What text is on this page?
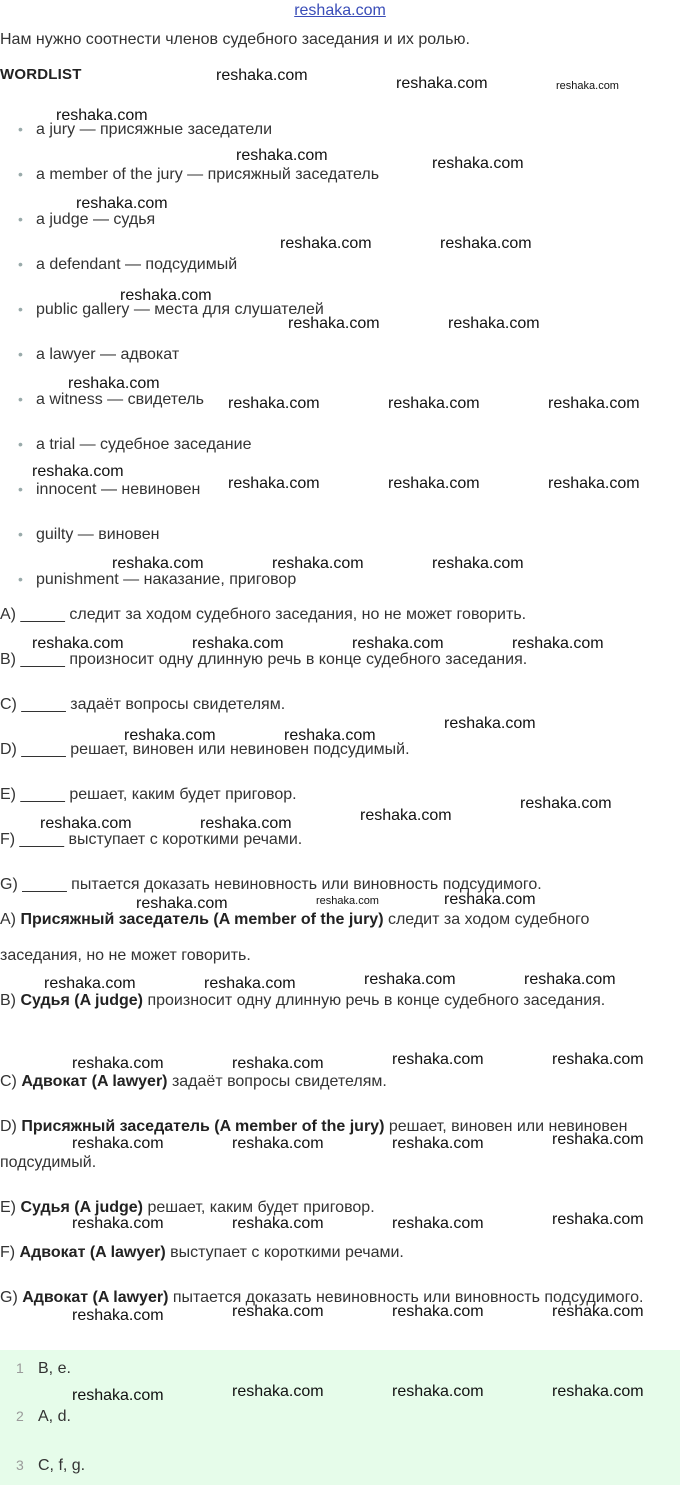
reshaka.com
Нам нужно соотнести членов судебного заседания и их ролью.
WORDLIST
• a jury — присяжные заседатели
• a member of the jury — присяжный заседатель
• a judge — судья
• a defendant — подсудимый
• public gallery — места для слушателей
• a lawyer — адвокат
• a witness — свидетель
• a trial — судебное заседание
• innocent — невиновен
• guilty — виновен
• punishment — наказание, приговор
A) _____ следит за ходом судебного заседания, но не может говорить.
B) _____ произносит одну длинную речь в конце судебного заседания.
C) _____ задаёт вопросы свидетелям.
D) _____ решает, виновен или невиновен подсудимый.
E) _____ решает, каким будет приговор.
F) _____ выступает с короткими речами.
G) _____ пытается доказать невиновность или виновность подсудимого.
A) Присяжный заседатель (A member of the jury) следит за ходом судебного заседания, но не может говорить.
B) Судья (A judge) произносит одну длинную речь в конце судебного заседания.
C) Адвокат (A lawyer) задаёт вопросы свидетелям.
D) Присяжный заседатель (A member of the jury) решает, виновен или невиновен подсудимый.
E) Судья (A judge) решает, каким будет приговор.
F) Адвокат (A lawyer) выступает с короткими речами.
G) Адвокат (A lawyer) пытается доказать невиновность или виновность подсудимого.
1 B, e.
2 A, d.
3 C, f, g.
reshaka.com	reshaka.com	reshaka.com
reshaka.com
reshaka.com	reshaka.com
reshaka.com
reshaka.com	reshaka.com
reshaka.com
reshaka.com	reshaka.com
reshaka.com
reshaka.com	reshaka.com	reshaka.com
reshaka.com
reshaka.com	reshaka.com	reshaka.com
reshaka.com	reshaka.com	reshaka.com
reshaka.com	reshaka.com	reshaka.com	reshaka.com
reshaka.com
reshaka.com	reshaka.com
reshaka.com
reshaka.com
reshaka.com	reshaka.com
reshaka.com
reshaka.com	reshaka.com
reshaka.com	reshaka.com
reshaka.com	reshaka.com
reshaka.com	reshaka.com
reshaka.com	reshaka.com
reshaka.com
reshaka.com	reshaka.com	reshaka.com
reshaka.com
reshaka.com	reshaka.com	reshaka.com
reshaka.com	reshaka.com	reshaka.com
reshaka.com
reshaka.com	reshaka.com	reshaka.com
reshaka.com
